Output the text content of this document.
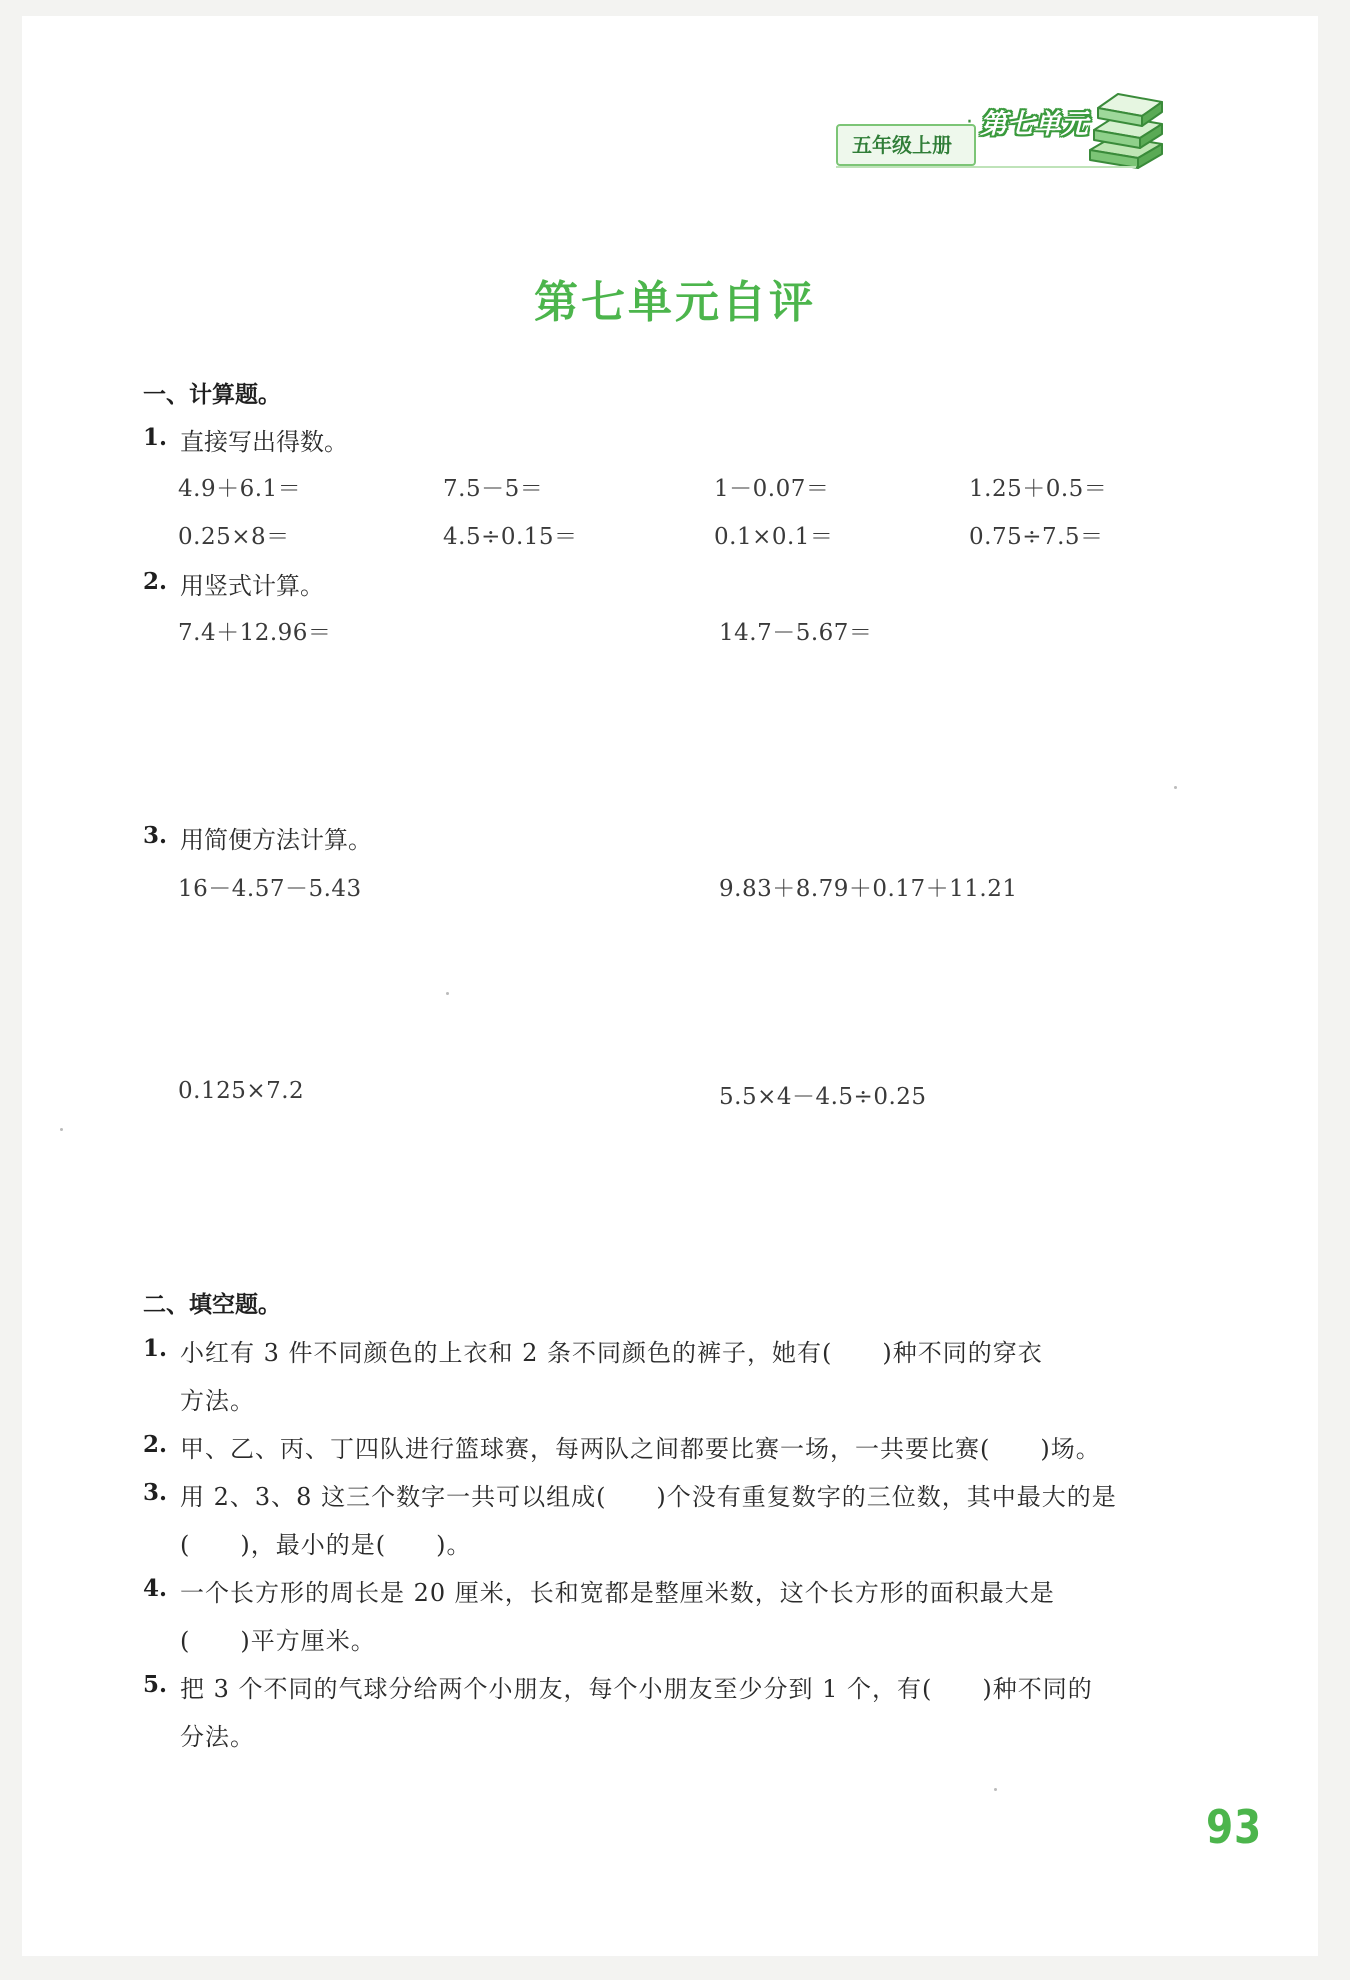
五年级上册
· 第七单元
第七单元自评
一、计算题。
1. 直接写出得数。
4.9＋6.1＝	7.5－5＝	1－0.07＝	1.25＋0.5＝
0.25×8＝	4.5÷0.15＝	0.1×0.1＝	0.75÷7.5＝
2. 用竖式计算。
7.4＋12.96＝	14.7－5.67＝
3. 用简便方法计算。
16－4.57－5.43	9.83＋8.79＋0.17＋11.21
0.125×7.2	5.5×4－4.5÷0.25
二、填空题。
1. 小红有 3 件不同颜色的上衣和 2 条不同颜色的裤子，她有(　　)种不同的穿衣
方法。
2. 甲、乙、丙、丁四队进行篮球赛，每两队之间都要比赛一场，一共要比赛(　　)场。
3. 用 2、3、8 这三个数字一共可以组成(　　)个没有重复数字的三位数，其中最大的是
(　　)，最小的是(　　)。
4. 一个长方形的周长是 20 厘米，长和宽都是整厘米数，这个长方形的面积最大是
(　　)平方厘米。
5. 把 3 个不同的气球分给两个小朋友，每个小朋友至少分到 1 个，有(　　)种不同的
分法。
93
